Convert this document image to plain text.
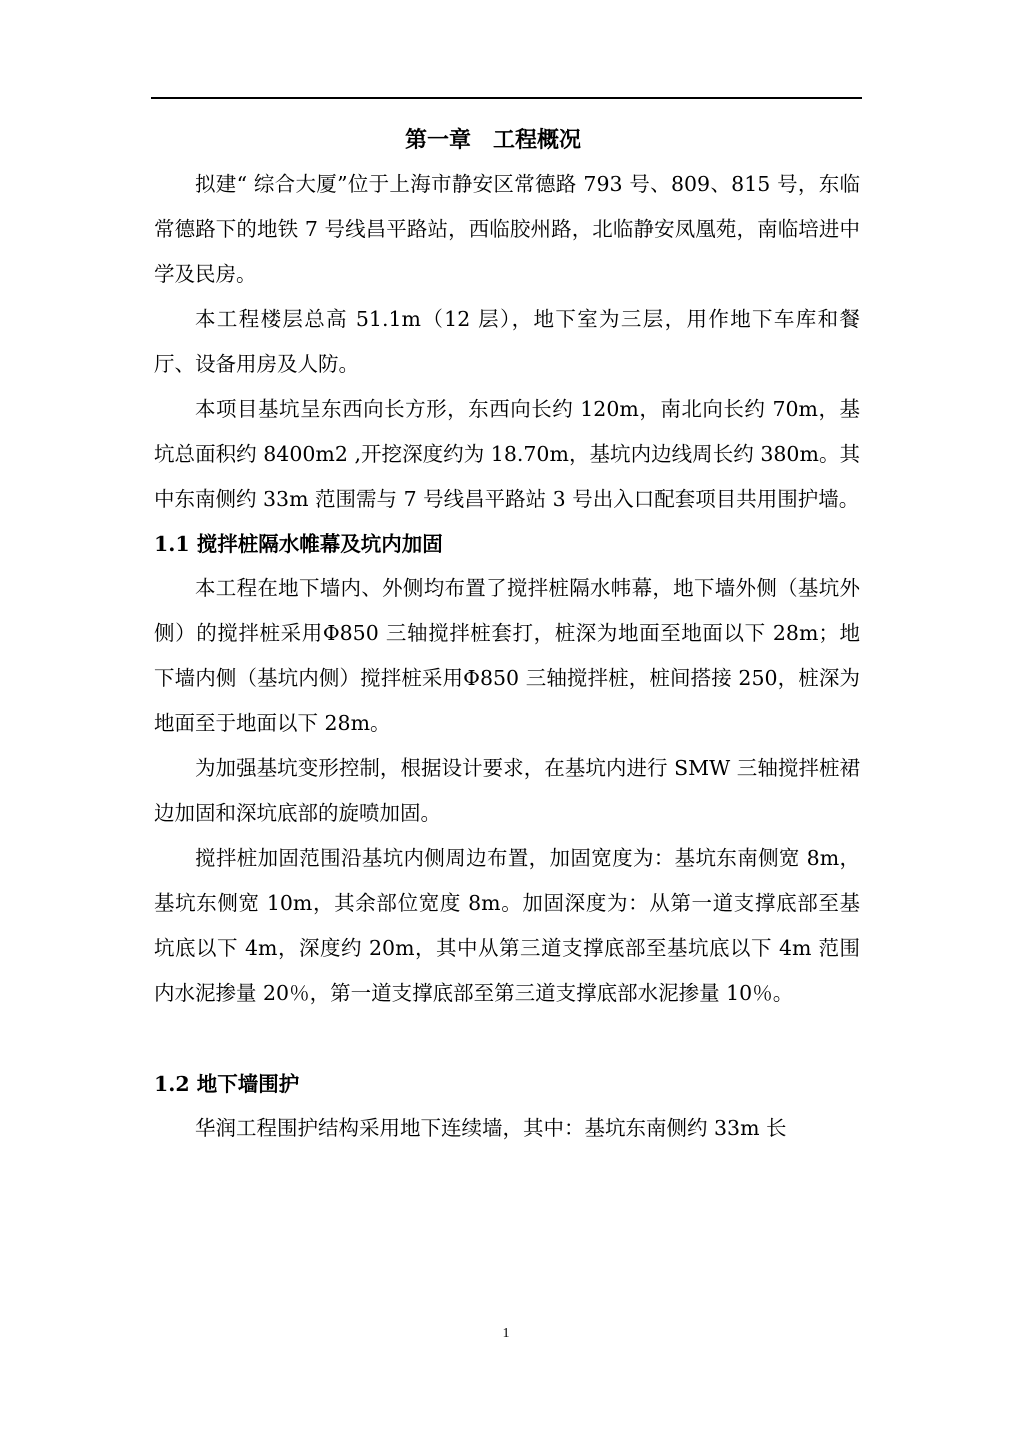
第一章　工程概况

拟建“ 综合大厦”位于上海市静安区常德路 793 号、809、815 号，东临常德路下的地铁 7 号线昌平路站，西临胶州路，北临静安凤凰苑，南临培进中学及民房。

本工程楼层总高 51.1m（12 层），地下室为三层，用作地下车库和餐厅、设备用房及人防。

本项目基坑呈东西向长方形，东西向长约 120m，南北向长约 70m，基坑总面积约 8400m2 ,开挖深度约为 18.70m，基坑内边线周长约 380m。其中东南侧约 33m 范围需与 7 号线昌平路站 3 号出入口配套项目共用围护墙。

1.1 搅拌桩隔水帷幕及坑内加固

本工程在地下墙内、外侧均布置了搅拌桩隔水帏幕，地下墙外侧（基坑外侧）的搅拌桩采用Φ850 三轴搅拌桩套打，桩深为地面至地面以下 28m；地下墙内侧（基坑内侧）搅拌桩采用Φ850 三轴搅拌桩，桩间搭接 250，桩深为地面至于地面以下 28m。

为加强基坑变形控制，根据设计要求，在基坑内进行 SMW 三轴搅拌桩裙边加固和深坑底部的旋喷加固。

搅拌桩加固范围沿基坑内侧周边布置，加固宽度为：基坑东南侧宽 8m，基坑东侧宽 10m，其余部位宽度 8m。加固深度为：从第一道支撑底部至基坑底以下 4m，深度约 20m，其中从第三道支撑底部至基坑底以下 4m 范围内水泥掺量 20％，第一道支撑底部至第三道支撑底部水泥掺量 10％。

1.2 地下墙围护

华润工程围护结构采用地下连续墙，其中：基坑东南侧约 33m 长

1
